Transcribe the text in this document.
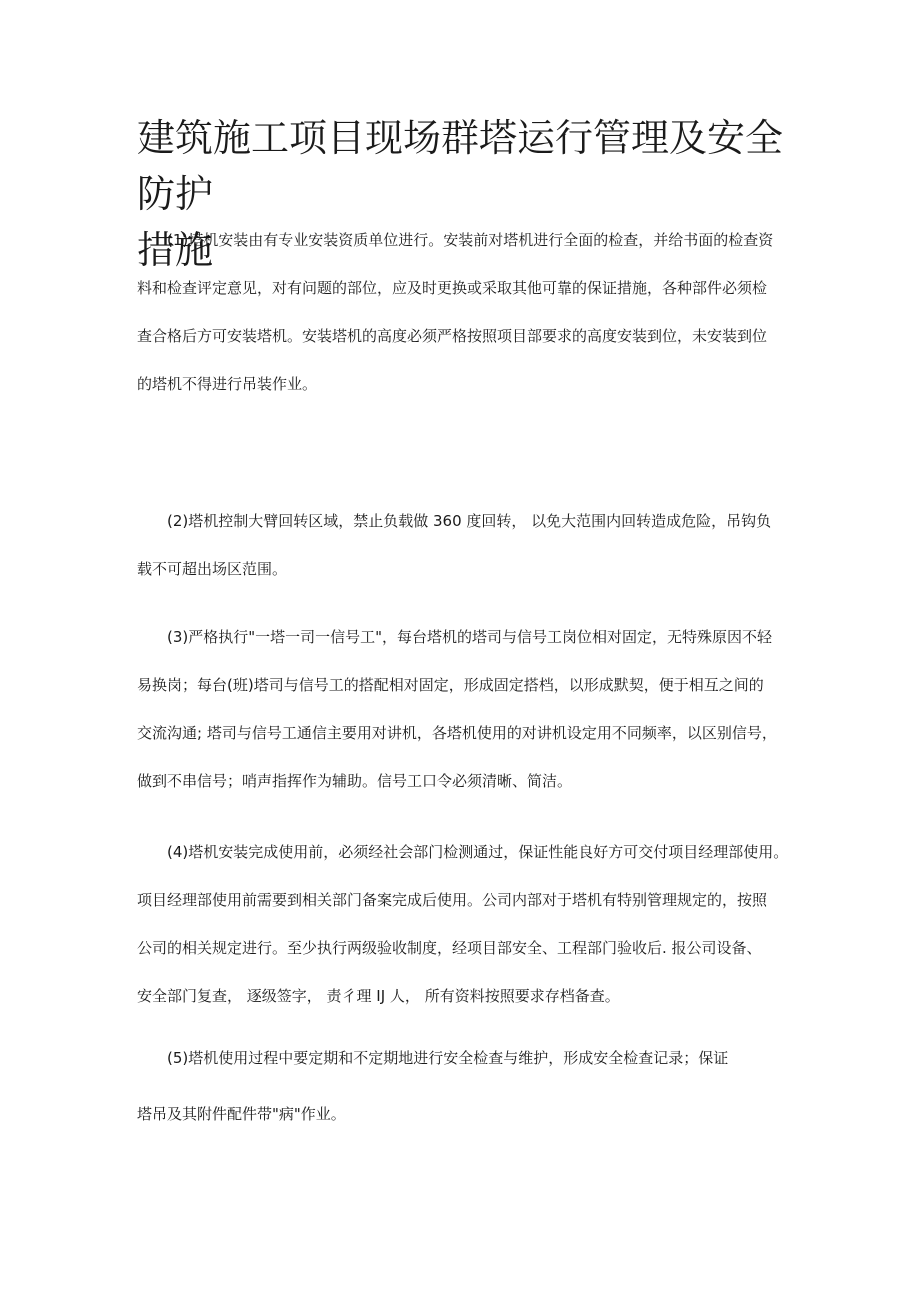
建筑施工项目现场群塔运行管理及安全防护
措施
(1)塔机安装由有专业安装资质单位进行。安装前对塔机进行全面的检查，并给书面的检查资
料和检查评定意见，对有问题的部位，应及时更换或采取其他可靠的保证措施，各种部件必须检
查合格后方可安装塔机。安装塔机的高度必须严格按照项目部要求的高度安装到位，未安装到位
的塔机不得进行吊装作业。
(2)塔机控制大臂回转区域，禁止负载做 360 度回转， 以免大范围内回转造成危险，吊钩负
载不可超出场区范围。
(3)严格执行"一塔一司一信号工"，每台塔机的塔司与信号工岗位相对固定，无特殊原因不轻
易换岗；每台(班)塔司与信号工的搭配相对固定，形成固定搭档，以形成默契，便于相互之间的
交流沟通; 塔司与信号工通信主要用对讲机，各塔机使用的对讲机设定用不同频率，以区别信号，
做到不串信号；哨声指挥作为辅助。信号工口令必须清晰、简洁。
(4)塔机安装完成使用前，必须经社会部门检测通过，保证性能良好方可交付项目经理部使用。
项目经理部使用前需要到相关部门备案完成后使用。公司内部对于塔机有特别管理规定的，按照
公司的相关规定进行。至少执行两级验收制度，经项目部安全、工程部门验收后. 报公司设备、
安全部门复查， 逐级签字， 责彳理 IJ 人， 所有资料按照要求存档备查。
(5)塔机使用过程中要定期和不定期地进行安全检查与维护，形成安全检查记录；保证
塔吊及其附件配件带"病"作业。
